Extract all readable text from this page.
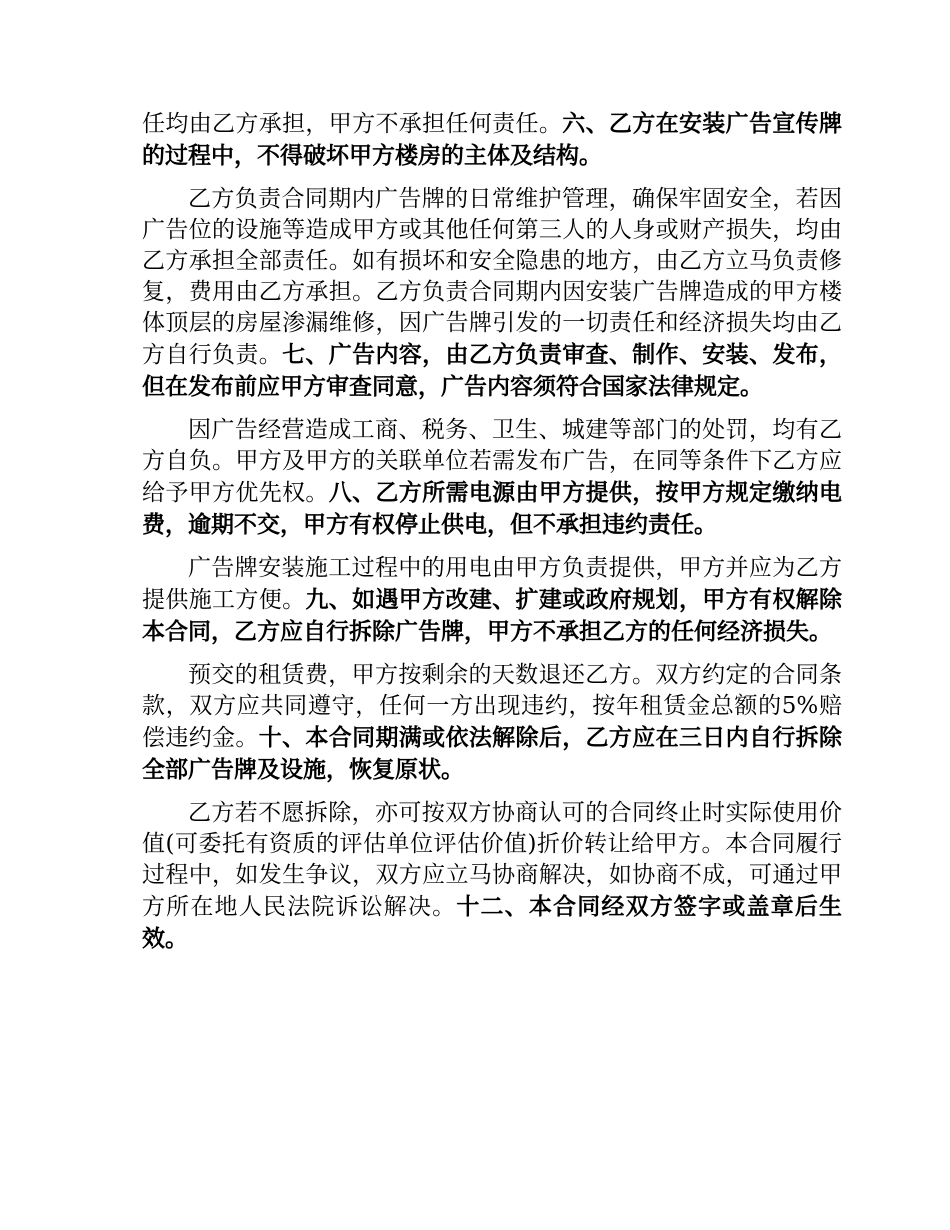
任均由乙方承担，甲方不承担任何责任。六、乙方在安装广告宣传牌的过程中，不得破坏甲方楼房的主体及结构。

乙方负责合同期内广告牌的日常维护管理，确保牢固安全，若因广告位的设施等造成甲方或其他任何第三人的人身或财产损失，均由乙方承担全部责任。如有损坏和安全隐患的地方，由乙方立马负责修复，费用由乙方承担。乙方负责合同期内因安装广告牌造成的甲方楼体顶层的房屋渗漏维修，因广告牌引发的一切责任和经济损失均由乙方自行负责。七、广告内容，由乙方负责审查、制作、安装、发布，但在发布前应甲方审查同意，广告内容须符合国家法律规定。

因广告经营造成工商、税务、卫生、城建等部门的处罚，均有乙方自负。甲方及甲方的关联单位若需发布广告，在同等条件下乙方应给予甲方优先权。八、乙方所需电源由甲方提供，按甲方规定缴纳电费，逾期不交，甲方有权停止供电，但不承担违约责任。

广告牌安装施工过程中的用电由甲方负责提供，甲方并应为乙方提供施工方便。九、如遇甲方改建、扩建或政府规划，甲方有权解除本合同，乙方应自行拆除广告牌，甲方不承担乙方的任何经济损失。

预交的租赁费，甲方按剩余的天数退还乙方。双方约定的合同条款，双方应共同遵守，任何一方出现违约，按年租赁金总额的5%赔偿违约金。十、本合同期满或依法解除后，乙方应在三日内自行拆除全部广告牌及设施，恢复原状。

乙方若不愿拆除，亦可按双方协商认可的合同终止时实际使用价值(可委托有资质的评估单位评估价值)折价转让给甲方。本合同履行过程中，如发生争议，双方应立马协商解决，如协商不成，可通过甲方所在地人民法院诉讼解决。十二、本合同经双方签字或盖章后生效。
